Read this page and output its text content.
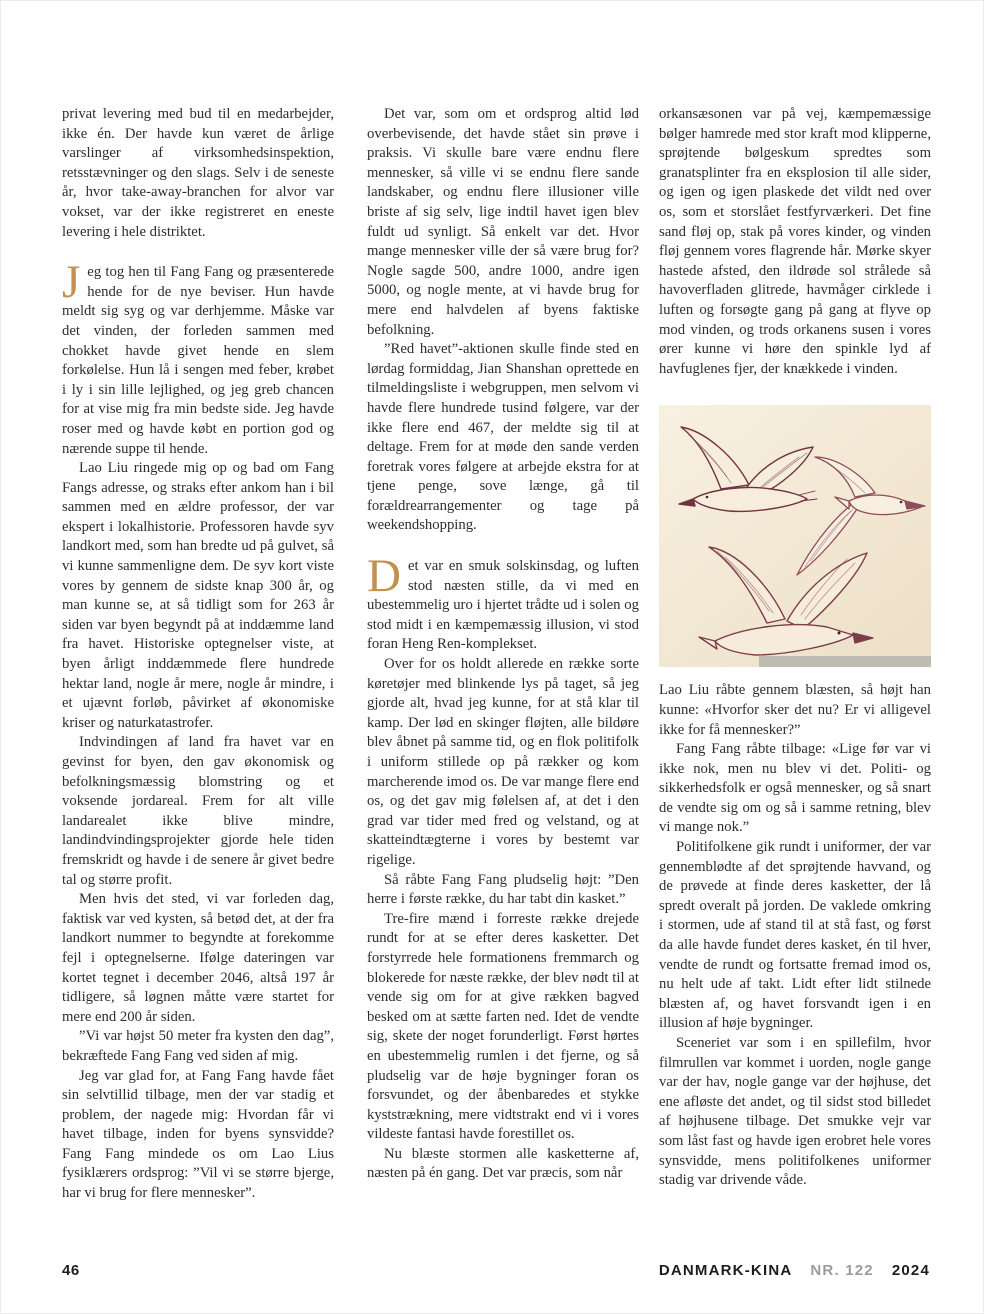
privat levering med bud til en medarbejder, ikke én. Der havde kun været de årlige varslinger af virksomhedsinspektion, retsstævninger og den slags. Selv i de seneste år, hvor take-away-branchen for alvor var vokset, var der ikke registreret en eneste levering i hele distriktet.

Jeg tog hen til Fang Fang og præsenterede hende for de nye beviser. Hun havde meldt sig syg og var derhjemme. Måske var det vinden, der forleden sammen med chokket havde givet hende en slem forkølelse. Hun lå i sengen med feber, krøbet i ly i sin lille lejlighed, og jeg greb chancen for at vise mig fra min bedste side. Jeg havde roser med og havde købt en portion god og nærende suppe til hende.

Lao Liu ringede mig op og bad om Fang Fangs adresse, og straks efter ankom han i bil sammen med en ældre professor, der var ekspert i lokalhistorie. Professoren havde syv landkort med, som han bredte ud på gulvet, så vi kunne sammenligne dem. De syv kort viste vores by gennem de sidste knap 300 år, og man kunne se, at så tidligt som for 263 år siden var byen begyndt på at inddæmme land fra havet. Historiske optegnelser viste, at byen årligt inddæmmede flere hundrede hektar land, nogle år mere, nogle år mindre, i et ujævnt forløb, påvirket af økonomiske kriser og naturkatastrofer.

Indvindingen af land fra havet var en gevinst for byen, den gav økonomisk og befolkningsmæssig blomstring og et voksende jordareal. Frem for alt ville landarealet ikke blive mindre, landindvindingsprojekter gjorde hele tiden fremskridt og havde i de senere år givet bedre tal og større profit.

Men hvis det sted, vi var forleden dag, faktisk var ved kysten, så betød det, at der fra landkort nummer to begyndte at forekomme fejl i optegnelserne. Ifølge dateringen var kortet tegnet i december 2046, altså 197 år tidligere, så løgnen måtte være startet for mere end 200 år siden.

”Vi var højst 50 meter fra kysten den dag”, bekræftede Fang Fang ved siden af mig.

Jeg var glad for, at Fang Fang havde fået sin selvtillid tilbage, men der var stadig et problem, der nagede mig: Hvordan får vi havet tilbage, inden for byens synsvidde? Fang Fang mindede os om Lao Lius fysiklærers ordsprog: ”Vil vi se større bjerge, har vi brug for flere mennesker”.

Det var, som om et ordsprog altid lød overbevisende, det havde stået sin prøve i praksis. Vi skulle bare være endnu flere mennesker, så ville vi se endnu flere sande landskaber, og endnu flere illusioner ville briste af sig selv, lige indtil havet igen blev fuldt ud synligt. Så enkelt var det. Hvor mange mennesker ville der så være brug for? Nogle sagde 500, andre 1000, andre igen 5000, og nogle mente, at vi havde brug for mere end halvdelen af byens faktiske befolkning.

”Red havet”-aktionen skulle finde sted en lørdag formiddag, Jian Shanshan oprettede en tilmeldingsliste i webgruppen, men selvom vi havde flere hundrede tusind følgere, var der ikke flere end 467, der meldte sig til at deltage. Frem for at møde den sande verden foretrak vores følgere at arbejde ekstra for at tjene penge, sove længe, gå til forældrearrangementer og tage på weekendshopping.

Det var en smuk solskinsdag, og luften stod næsten stille, da vi med en ubestemmelig uro i hjertet trådte ud i solen og stod midt i en kæmpemæssig illusion, vi stod foran Heng Ren-komplekset.

Over for os holdt allerede en række sorte køretøjer med blinkende lys på taget, så jeg gjorde alt, hvad jeg kunne, for at stå klar til kamp. Der lød en skinger fløjten, alle bildøre blev åbnet på samme tid, og en flok politifolk i uniform stillede op på rækker og kom marcherende imod os. De var mange flere end os, og det gav mig følelsen af, at det i den grad var tider med fred og velstand, og at skatteindtægterne i vores by bestemt var rigelige.

Så råbte Fang Fang pludselig højt: ”Den herre i første række, du har tabt din kasket.”

Tre-fire mænd i forreste række drejede rundt for at se efter deres kasketter. Det forstyrrede hele formationens fremmarch og blokerede for næste række, der blev nødt til at vende sig om for at give rækken bagved besked om at sætte farten ned. Idet de vendte sig, skete der noget forunderligt. Først hørtes en ubestemmelig rumlen i det fjerne, og så pludselig var de høje bygninger foran os forsvundet, og der åbenbaredes et stykke kyststrækning, mere vidtstrakt end vi i vores vildeste fantasi havde forestillet os.

Nu blæste stormen alle kasketterne af, næsten på én gang. Det var præcis, som når

orkansæsonen var på vej, kæmpemæssige bølger hamrede med stor kraft mod klipperne, sprøjtende bølgeskum spredtes som granatsplinter fra en eksplosion til alle sider, og igen og igen plaskede det vildt ned over os, som et storslået festfyrværkeri. Det fine sand fløj op, stak på vores kinder, og vinden fløj gennem vores flagrende hår. Mørke skyer hastede afsted, den ildrøde sol strålede så havoverfladen glitrede, havmåger cirklede i luften og forsøgte gang på gang at flyve op mod vinden, og trods orkanens susen i vores ører kunne vi høre den spinkle lyd af havfuglenes fjer, der knækkede i vinden.

Lao Liu råbte gennem blæsten, så højt han kunne: «Hvorfor sker det nu? Er vi alligevel ikke for få mennesker?”

Fang Fang råbte tilbage: «Lige før var vi ikke nok, men nu blev vi det. Politi- og sikkerhedsfolk er også mennesker, og så snart de vendte sig om og så i samme retning, blev vi mange nok.”

Politifolkene gik rundt i uniformer, der var gennemblødte af det sprøjtende havvand, og de prøvede at finde deres kasketter, der lå spredt overalt på jorden. De vaklede omkring i stormen, ude af stand til at stå fast, og først da alle havde fundet deres kasket, én til hver, vendte de rundt og fortsatte fremad imod os, nu helt ude af takt. Lidt efter lidt stilnede blæsten af, og havet forsvandt igen i en illusion af høje bygninger.

Sceneriet var som i en spillefilm, hvor filmrullen var kommet i uorden, nogle gange var der hav, nogle gange var der højhuse, det ene afløste det andet, og til sidst stod billedet af højhusene tilbage. Det smukke vejr var som låst fast og havde igen erobret hele vores synsvidde, mens politifolkenes uniformer stadig var drivende våde.

46	DANMARK-KINA NR. 122 2024
